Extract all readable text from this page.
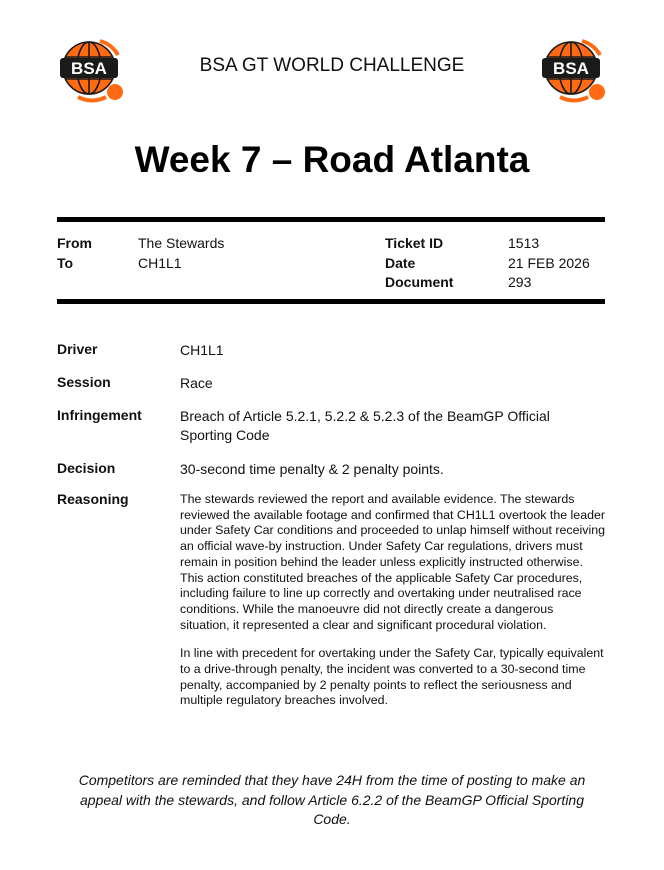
BSA	BSA GT WORLD CHALLENGE	BSA
Week 7 – Road Atlanta
From	The Stewards
To	CH1L1
Ticket ID	1513
Date	21 FEB 2026
Document	293
Driver	CH1L1
Session	Race
Infringement	Breach of Article 5.2.1, 5.2.2 & 5.2.3 of the BeamGP Official Sporting Code
Decision	30-second time penalty & 2 penalty points.
Reasoning	The stewards reviewed the report and available evidence. The stewards reviewed the available footage and confirmed that CH1L1 overtook the leader under Safety Car conditions and proceeded to unlap himself without receiving an official wave-by instruction. Under Safety Car regulations, drivers must remain in position behind the leader unless explicitly instructed otherwise. This action constituted breaches of the applicable Safety Car procedures, including failure to line up correctly and overtaking under neutralised race conditions. While the manoeuvre did not directly create a dangerous situation, it represented a clear and significant procedural violation.

In line with precedent for overtaking under the Safety Car, typically equivalent to a drive-through penalty, the incident was converted to a 30-second time penalty, accompanied by 2 penalty points to reflect the seriousness and multiple regulatory breaches involved.

Competitors are reminded that they have 24H from the time of posting to make an appeal with the stewards, and follow Article 6.2.2 of the BeamGP Official Sporting Code.
